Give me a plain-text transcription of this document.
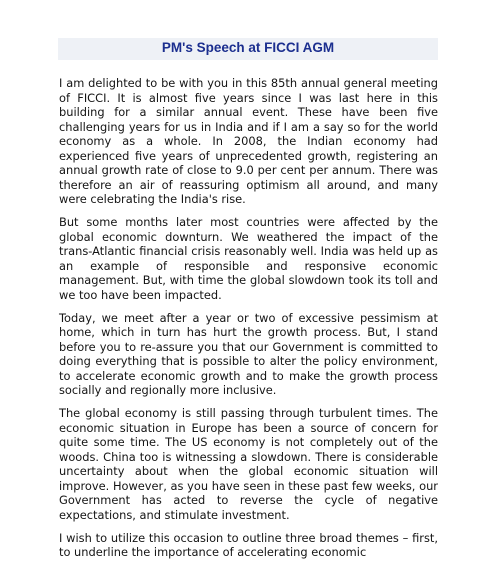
PM's Speech at FICCI AGM

I am delighted to be with you in this 85th annual general meeting of FICCI. It is almost five years since I was last here in this building for a similar annual event. These have been five challenging years for us in India and if I am a say so for the world economy as a whole. In 2008, the Indian economy had experienced five years of unprecedented growth, registering an annual growth rate of close to 9.0 per cent per annum. There was therefore an air of reassuring optimism all around, and many were celebrating the India's rise.

But some months later most countries were affected by the global economic downturn. We weathered the impact of the trans-Atlantic financial crisis reasonably well. India was held up as an example of responsible and responsive economic management. But, with time the global slowdown took its toll and we too have been impacted.

Today, we meet after a year or two of excessive pessimism at home, which in turn has hurt the growth process. But, I stand before you to re-assure you that our Government is committed to doing everything that is possible to alter the policy environment, to accelerate economic growth and to make the growth process socially and regionally more inclusive.

The global economy is still passing through turbulent times. The economic situation in Europe has been a source of concern for quite some time. The US economy is not completely out of the woods. China too is witnessing a slowdown. There is considerable uncertainty about when the global economic situation will improve. However, as you have seen in these past few weeks, our Government has acted to reverse the cycle of negative expectations, and stimulate investment.

I wish to utilize this occasion to outline three broad themes – first, to underline the importance of accelerating economic
